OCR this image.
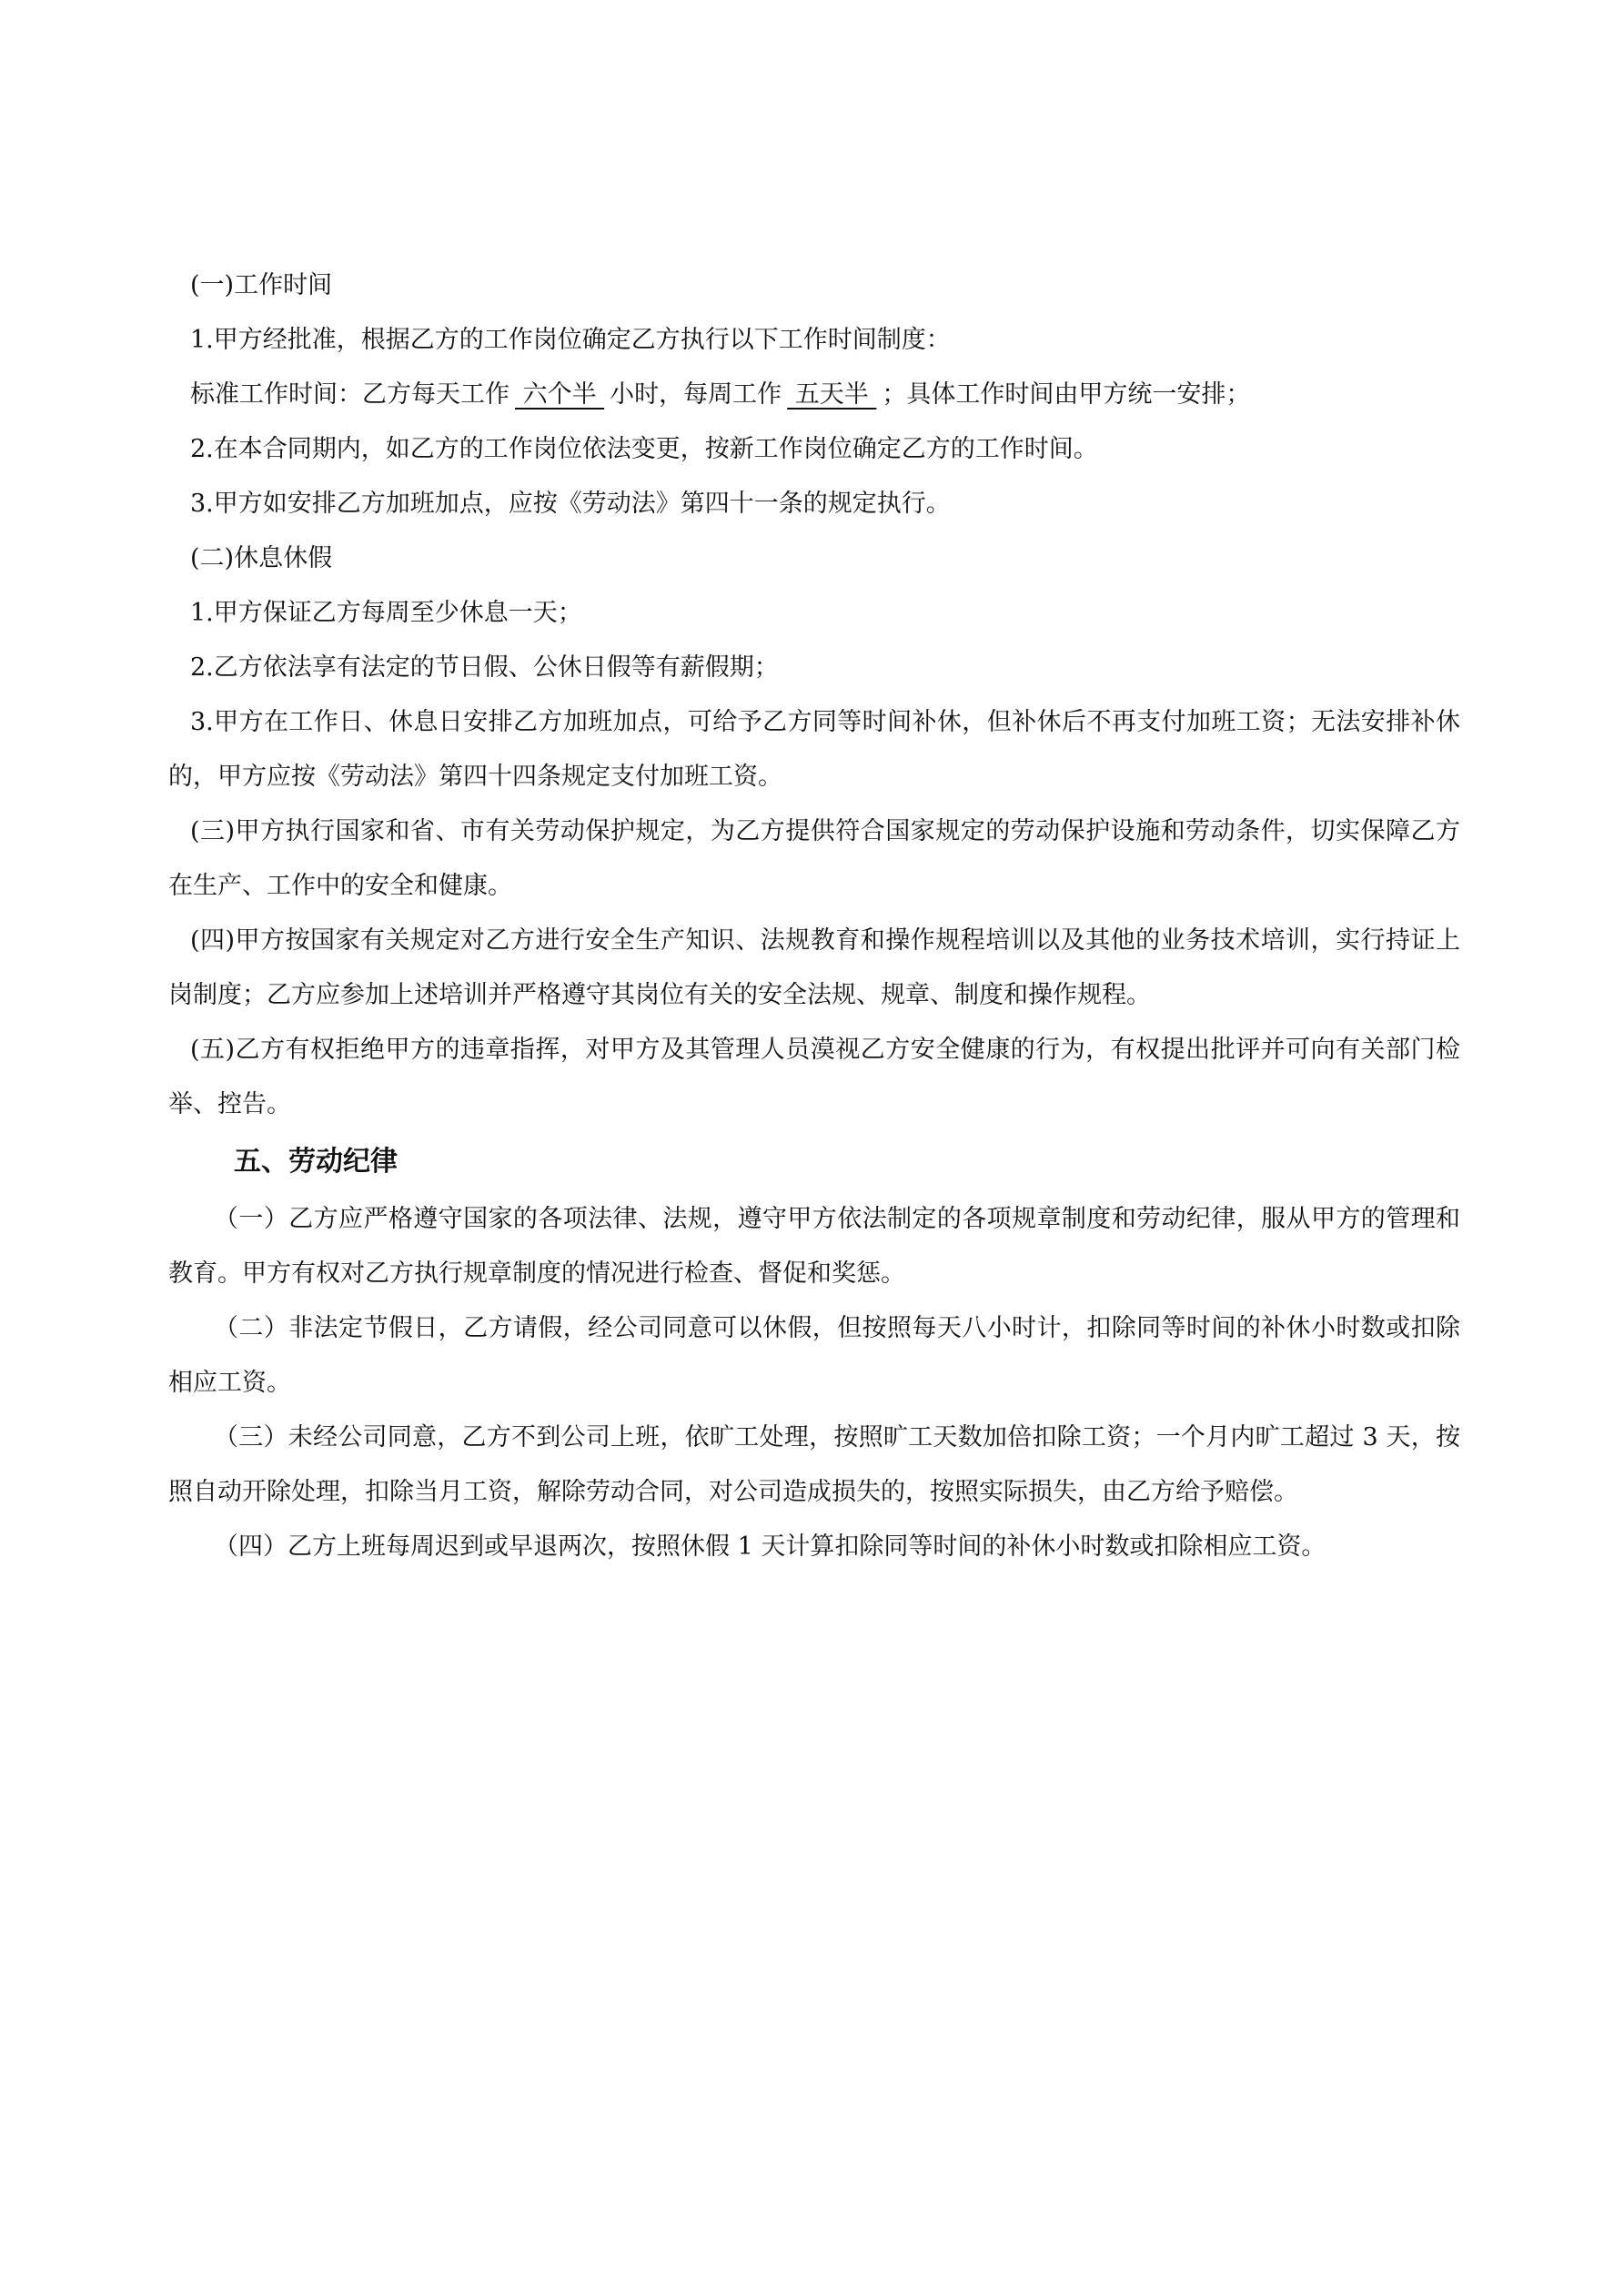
(一)工作时间

1.甲方经批准，根据乙方的工作岗位确定乙方执行以下工作时间制度：

标准工作时间：乙方每天工作 六个半 小时，每周工作 五天半 ；具体工作时间由甲方统一安排；

2.在本合同期内，如乙方的工作岗位依法变更，按新工作岗位确定乙方的工作时间。

3.甲方如安排乙方加班加点，应按《劳动法》第四十一条的规定执行。

(二)休息休假

1.甲方保证乙方每周至少休息一天；

2.乙方依法享有法定的节日假、公休日假等有薪假期；

3.甲方在工作日、休息日安排乙方加班加点，可给予乙方同等时间补休，但补休后不再支付加班工资；无法安排补休的，甲方应按《劳动法》第四十四条规定支付加班工资。

(三)甲方执行国家和省、市有关劳动保护规定，为乙方提供符合国家规定的劳动保护设施和劳动条件，切实保障乙方在生产、工作中的安全和健康。

(四)甲方按国家有关规定对乙方进行安全生产知识、法规教育和操作规程培训以及其他的业务技术培训，实行持证上岗制度；乙方应参加上述培训并严格遵守其岗位有关的安全法规、规章、制度和操作规程。

(五)乙方有权拒绝甲方的违章指挥，对甲方及其管理人员漠视乙方安全健康的行为，有权提出批评并可向有关部门检举、控告。

五、劳动纪律

（一）乙方应严格遵守国家的各项法律、法规，遵守甲方依法制定的各项规章制度和劳动纪律，服从甲方的管理和教育。甲方有权对乙方执行规章制度的情况进行检查、督促和奖惩。

（二）非法定节假日，乙方请假，经公司同意可以休假，但按照每天八小时计，扣除同等时间的补休小时数或扣除相应工资。

（三）未经公司同意，乙方不到公司上班，依旷工处理，按照旷工天数加倍扣除工资；一个月内旷工超过 3 天，按照自动开除处理，扣除当月工资，解除劳动合同，对公司造成损失的，按照实际损失，由乙方给予赔偿。

（四）乙方上班每周迟到或早退两次，按照休假 1 天计算扣除同等时间的补休小时数或扣除相应工资。
